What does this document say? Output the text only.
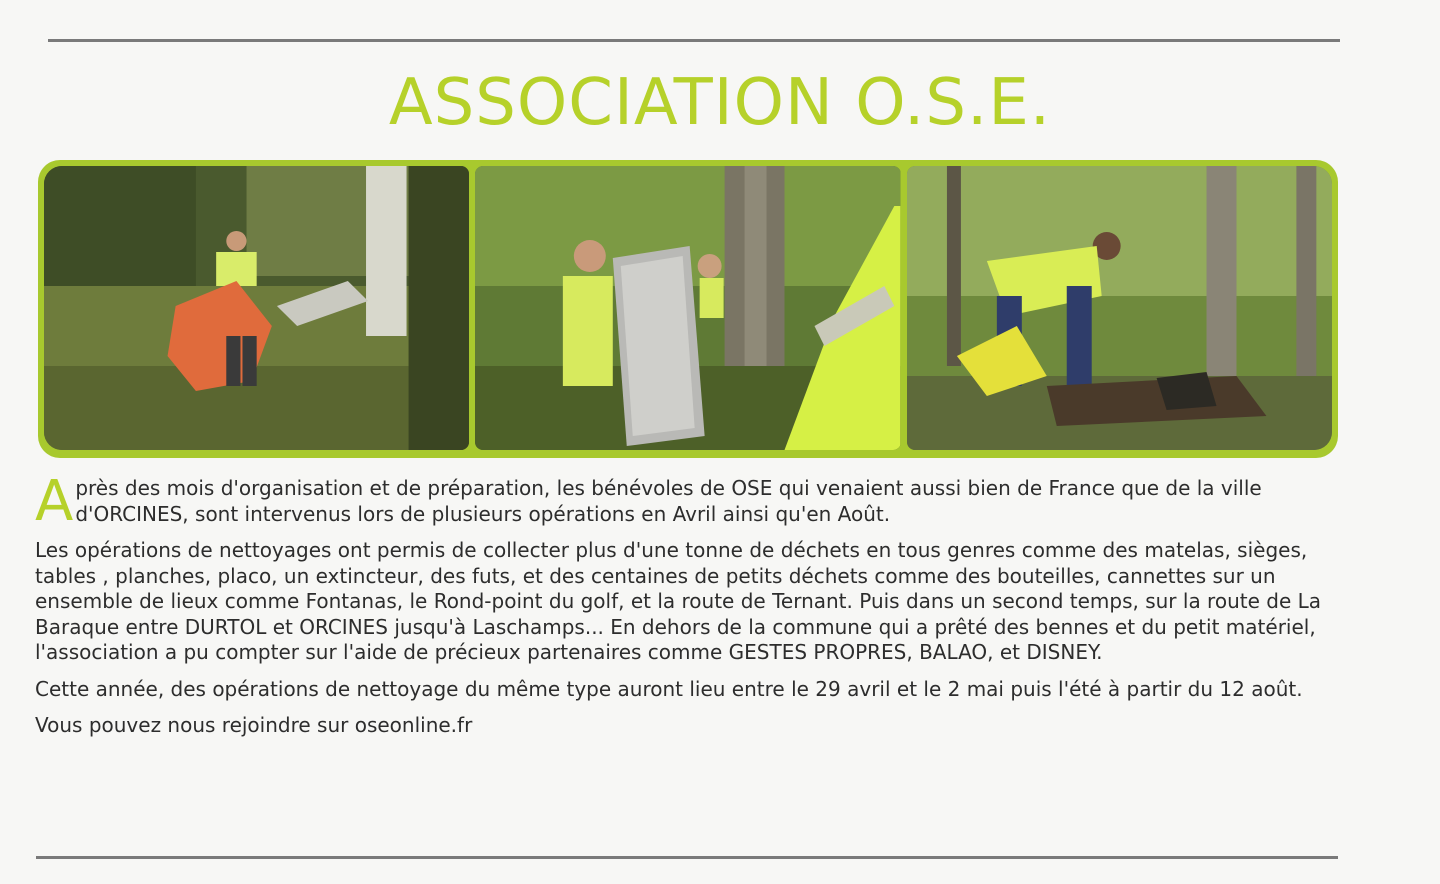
ASSOCIATION O.S.E.

Après des mois d'organisation et de préparation, les bénévoles de OSE qui venaient aussi bien de France que de la ville d'ORCINES, sont intervenus lors de plusieurs opérations en Avril ainsi qu'en Août.

Les opérations de nettoyages ont permis de collecter plus d'une tonne de déchets en tous genres comme des matelas, sièges, tables , planches, placo, un extincteur, des futs, et des centaines de petits déchets comme des bouteilles, cannettes sur un ensemble de lieux comme Fontanas, le Rond-point du golf, et la route de Ternant. Puis dans un second temps, sur la route de La Baraque entre DURTOL et ORCINES jusqu'à Laschamps... En dehors de la commune qui a prêté des bennes et du petit matériel, l'association a pu compter sur l'aide de précieux partenaires comme GESTES PROPRES, BALAO, et DISNEY.

Cette année, des opérations de nettoyage du même type auront lieu entre le 29 avril et le 2 mai puis l'été à partir du 12 août.

Vous pouvez nous rejoindre sur oseonline.fr
